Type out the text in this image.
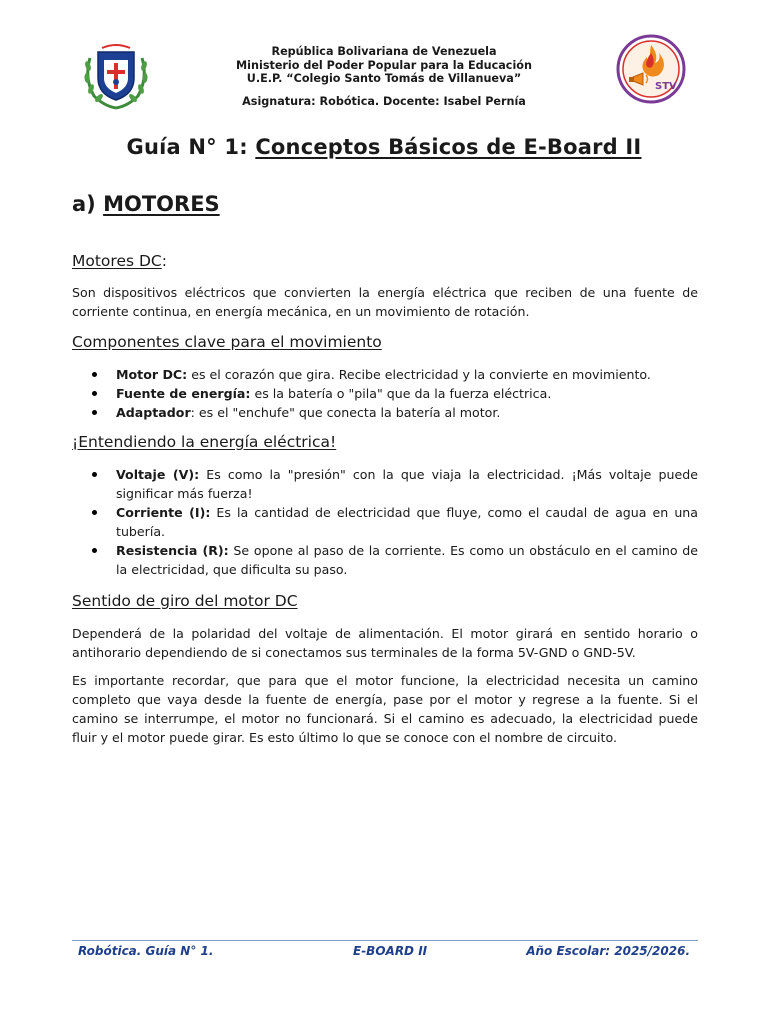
República Bolivariana de Venezuela
Ministerio del Poder Popular para la Educación
U.E.P. “Colegio Santo Tomás de Villanueva”
Asignatura: Robótica. Docente: Isabel Pernía
STV
Guía N° 1: Conceptos Básicos de E-Board II
a) MOTORES
Motores DC:
Son dispositivos eléctricos que convierten la energía eléctrica que reciben de una fuente de corriente continua, en energía mecánica, en un movimiento de rotación.
Componentes clave para el movimiento
Motor DC: es el corazón que gira. Recibe electricidad y la convierte en movimiento.
Fuente de energía: es la batería o "pila" que da la fuerza eléctrica.
Adaptador: es el "enchufe" que conecta la batería al motor.
¡Entendiendo la energía eléctrica!
Voltaje (V): Es como la "presión" con la que viaja la electricidad. ¡Más voltaje puede significar más fuerza!
Corriente (I): Es la cantidad de electricidad que fluye, como el caudal de agua en una tubería.
Resistencia (R): Se opone al paso de la corriente. Es como un obstáculo en el camino de la electricidad, que dificulta su paso.
Sentido de giro del motor DC
Dependerá de la polaridad del voltaje de alimentación. El motor girará en sentido horario o antihorario dependiendo de si conectamos sus terminales de la forma 5V-GND o GND-5V.
Es importante recordar, que para que el motor funcione, la electricidad necesita un camino completo que vaya desde la fuente de energía, pase por el motor y regrese a la fuente. Si el camino se interrumpe, el motor no funcionará. Si el camino es adecuado, la electricidad puede fluir y el motor puede girar. Es esto último lo que se conoce con el nombre de circuito.
Robótica. Guía N° 1.	E-BOARD II	Año Escolar: 2025/2026.
